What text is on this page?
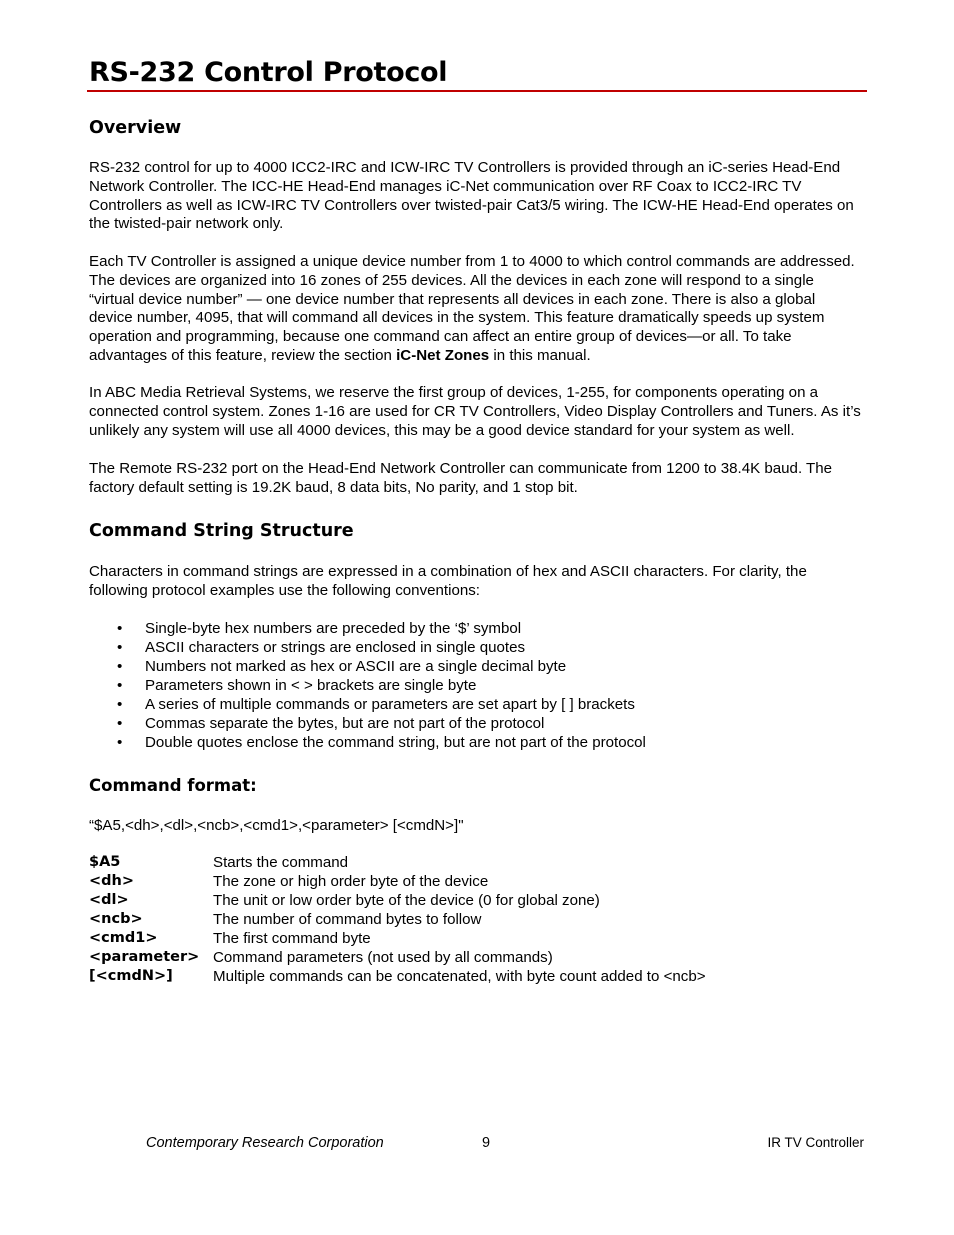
RS-232 Control Protocol
Overview

RS-232 control for up to 4000 ICC2-IRC and ICW-IRC TV Controllers is provided through an iC-series Head-End Network Controller. The ICC-HE Head-End manages iC-Net communication over RF Coax to ICC2-IRC TV Controllers as well as ICW-IRC TV Controllers over twisted-pair Cat3/5 wiring. The ICW-HE Head-End operates on the twisted-pair network only.

Each TV Controller is assigned a unique device number from 1 to 4000 to which control commands are addressed. The devices are organized into 16 zones of 255 devices. All the devices in each zone will respond to a single “virtual device number” — one device number that represents all devices in each zone. There is also a global device number, 4095, that will command all devices in the system. This feature dramatically speeds up system operation and programming, because one command can affect an entire group of devices—or all. To take advantages of this feature, review the section iC-Net Zones in this manual.

In ABC Media Retrieval Systems, we reserve the first group of devices, 1-255, for components operating on a connected control system. Zones 1-16 are used for CR TV Controllers, Video Display Controllers and Tuners. As it’s unlikely any system will use all 4000 devices, this may be a good device standard for your system as well.

The Remote RS-232 port on the Head-End Network Controller can communicate from 1200 to 38.4K baud. The factory default setting is 19.2K baud, 8 data bits, No parity, and 1 stop bit.

Command String Structure

Characters in command strings are expressed in a combination of hex and ASCII characters. For clarity, the following protocol examples use the following conventions:

• Single-byte hex numbers are preceded by the ‘$’ symbol
• ASCII characters or strings are enclosed in single quotes
• Numbers not marked as hex or ASCII are a single decimal byte
• Parameters shown in < > brackets are single byte
• A series of multiple commands or parameters are set apart by [ ] brackets
• Commas separate the bytes, but are not part of the protocol
• Double quotes enclose the command string, but are not part of the protocol
Command format:

“$A5,<dh>,<dl>,<ncb>,<cmd1>,<parameter> [<cmdN>]"

$A5	Starts the command
<dh>	The zone or high order byte of the device
<dl>	The unit or low order byte of the device (0 for global zone)
<ncb>	The number of command bytes to follow
<cmd1>	The first command byte
<parameter> Command parameters (not used by all commands)
[<cmdN>]	Multiple commands can be concatenated, with byte count added to <ncb>
Contemporary Research Corporation	9	IR TV Controller
